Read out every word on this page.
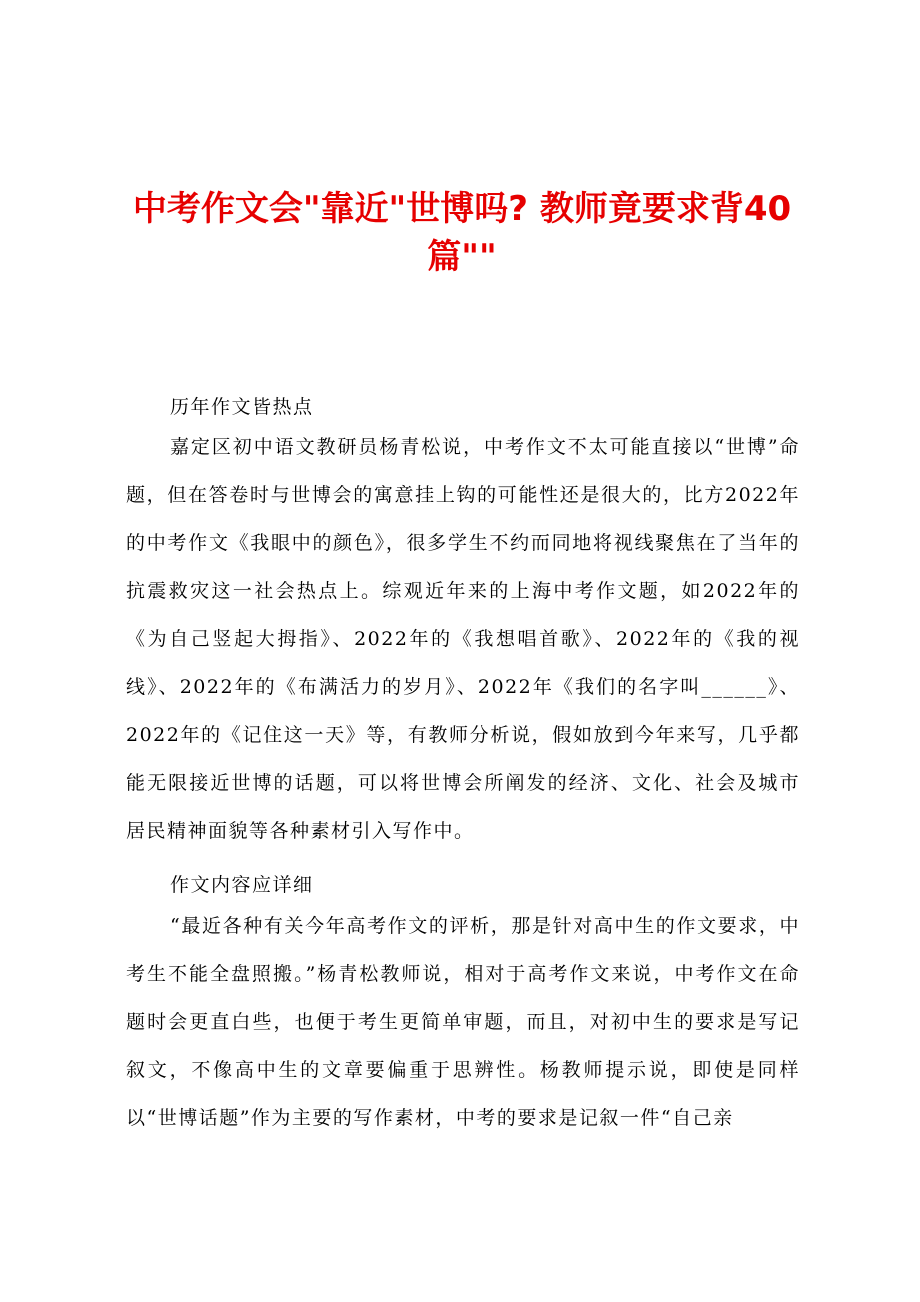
中考作文会"靠近"世博吗? 教师竟要求背40篇""

历年作文皆热点

嘉定区初中语文教研员杨青松说，中考作文不太可能直接以“世博”命题，但在答卷时与世博会的寓意挂上钩的可能性还是很大的，比方2022年的中考作文《我眼中的颜色》，很多学生不约而同地将视线聚焦在了当年的抗震救灾这一社会热点上。综观近年来的上海中考作文题，如2022年的《为自己竖起大拇指》、2022年的《我想唱首歌》、2022年的《我的视线》、2022年的《布满活力的岁月》、2022年《我们的名字叫______》、2022年的《记住这一天》等，有教师分析说，假如放到今年来写，几乎都能无限接近世博的话题，可以将世博会所阐发的经济、文化、社会及城市居民精神面貌等各种素材引入写作中。

作文内容应详细

“最近各种有关今年高考作文的评析，那是针对高中生的作文要求，中考生不能全盘照搬。”杨青松教师说，相对于高考作文来说，中考作文在命题时会更直白些，也便于考生更简单审题，而且，对初中生的要求是写记叙文，不像高中生的文章要偏重于思辨性。杨教师提示说，即使是同样以“世博话题”作为主要的写作素材，中考的要求是记叙一件“自己亲
